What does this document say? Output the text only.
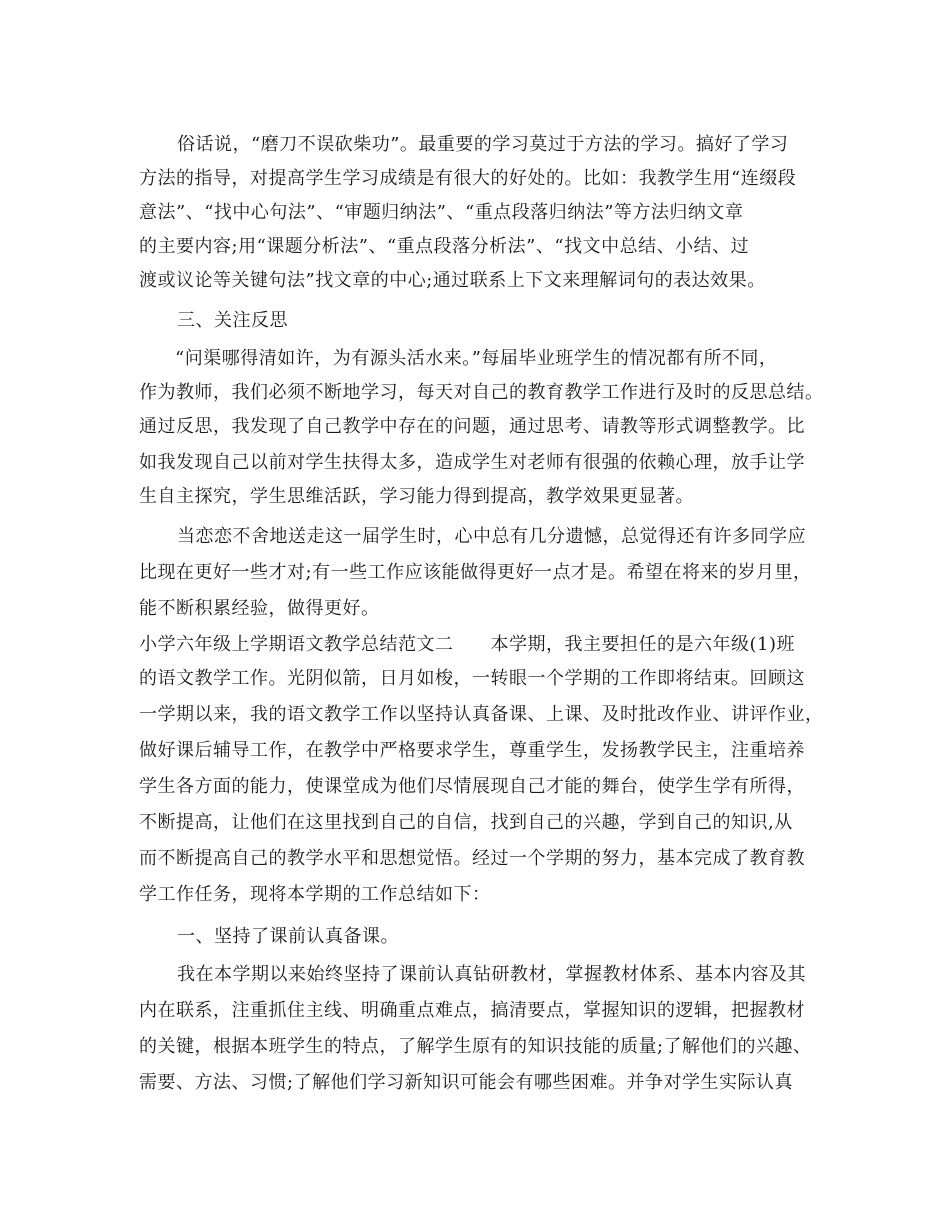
俗话说，“磨刀不误砍柴功”。最重要的学习莫过于方法的学习。搞好了学习
方法的指导，对提高学生学习成绩是有很大的好处的。比如：我教学生用“连缀段
意法”、“找中心句法”、“审题归纳法”、“重点段落归纳法”等方法归纳文章
的主要内容;用“课题分析法”、“重点段落分析法”、“找文中总结、小结、过
渡或议论等关键句法”找文章的中心;通过联系上下文来理解词句的表达效果。
三、关注反思
“问渠哪得清如许，为有源头活水来。”每届毕业班学生的情况都有所不同，
作为教师，我们必须不断地学习，每天对自己的教育教学工作进行及时的反思总结。
通过反思，我发现了自己教学中存在的问题，通过思考、请教等形式调整教学。比
如我发现自己以前对学生扶得太多，造成学生对老师有很强的依赖心理，放手让学
生自主探究，学生思维活跃，学习能力得到提高，教学效果更显著。
当恋恋不舍地送走这一届学生时，心中总有几分遗憾，总觉得还有许多同学应
比现在更好一些才对;有一些工作应该能做得更好一点才是。希望在将来的岁月里，
能不断积累经验，做得更好。
小学六年级上学期语文教学总结范文二　　本学期，我主要担任的是六年级(1)班
的语文教学工作。光阴似箭，日月如梭，一转眼一个学期的工作即将结束。回顾这
一学期以来，我的语文教学工作以坚持认真备课、上课、及时批改作业、讲评作业，
做好课后辅导工作，在教学中严格要求学生，尊重学生，发扬教学民主，注重培养
学生各方面的能力，使课堂成为他们尽情展现自己才能的舞台，使学生学有所得，
不断提高，让他们在这里找到自己的自信，找到自己的兴趣，学到自己的知识,从
而不断提高自己的教学水平和思想觉悟。经过一个学期的努力，基本完成了教育教
学工作任务，现将本学期的工作总结如下：
一、坚持了课前认真备课。
我在本学期以来始终坚持了课前认真钻研教材，掌握教材体系、基本内容及其
内在联系，注重抓住主线、明确重点难点，搞清要点，掌握知识的逻辑，把握教材
的关键，根据本班学生的特点，了解学生原有的知识技能的质量;了解他们的兴趣、
需要、方法、习惯;了解他们学习新知识可能会有哪些困难。并争对学生实际认真
